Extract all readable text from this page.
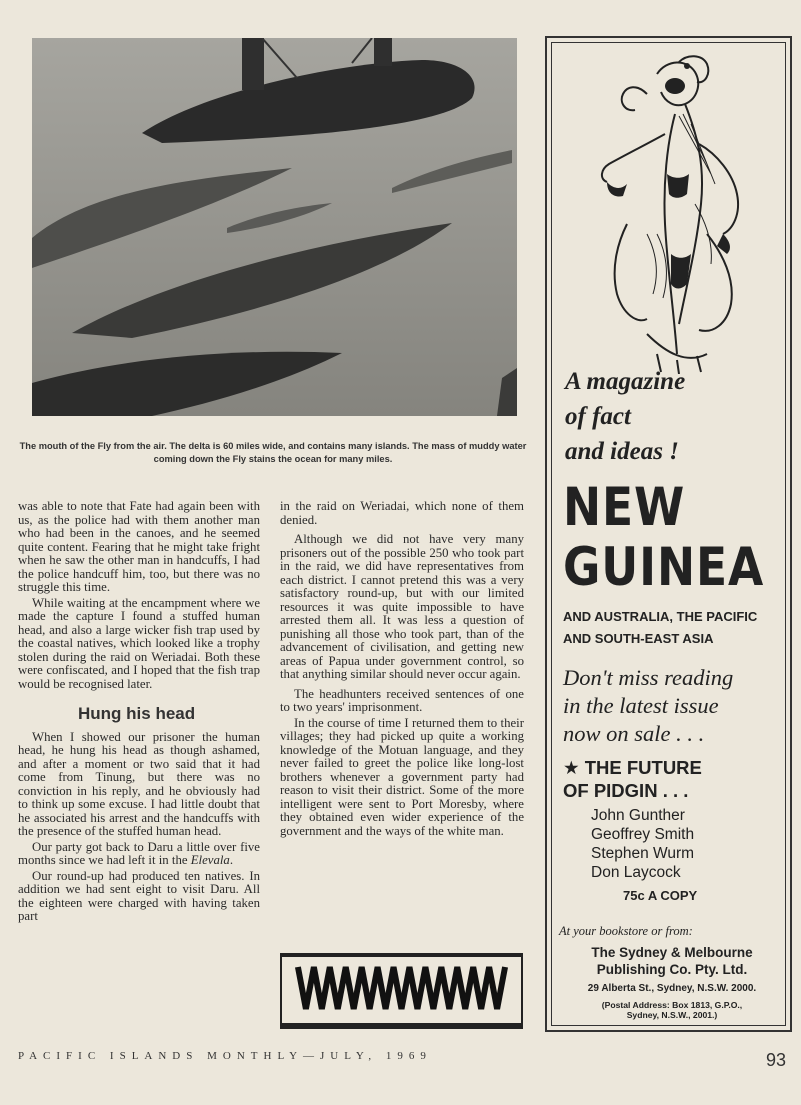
The mouth of the Fly from the air. The delta is 60 miles wide, and contains many islands. The mass of muddy water coming down the Fly stains the ocean for many miles.

was able to note that Fate had again been with us, as the police had with them another man who had been in the canoes, and he seemed quite content. Fearing that he might take fright when he saw the other man in handcuffs, I had the police handcuff him, too, but there was no struggle this time.

While waiting at the encampment where we made the capture I found a stuffed human head, and also a large wicker fish trap used by the coastal natives, which looked like a trophy stolen during the raid on Weriadai. Both these were confiscated, and I hoped that the fish trap would be recognised later.

Hung his head

When I showed our prisoner the human head, he hung his head as though ashamed, and after a moment or two said that it had come from Tinung, but there was no conviction in his reply, and he obviously had to think up some excuse. I had little doubt that he associated his arrest and the handcuffs with the presence of the stuffed human head.

Our party got back to Daru a little over five months since we had left it in the Elevala.

Our round-up had produced ten natives. In addition we had sent eight to visit Daru. All the eighteen were charged with having taken part

in the raid on Weriadai, which none of them denied.

Although we did not have very many prisoners out of the possible 250 who took part in the raid, we did have representatives from each district. I cannot pretend this was a very satisfactory round-up, but with our limited resources it was quite impossible to have arrested them all. It was less a question of punishing all those who took part, than of the advancement of civilisation, and getting new areas of Papua under government control, so that anything similar should never occur again.

The headhunters received sentences of one to two years' imprisonment.

In the course of time I returned them to their villages; they had picked up quite a working knowledge of the Motuan language, and they never failed to greet the police like long-lost brothers whenever a government party had reason to visit their district. Some of the more intelligent were sent to Port Moresby, where they obtained even wider experience of the government and the ways of the white man.

PACIFIC ISLANDS MONTHLY—JULY, 1969	93
A magazine
of fact
and ideas !
NEW
GUINEA
AND AUSTRALIA, THE PACIFIC
AND SOUTH-EAST ASIA
Don't miss reading
in the latest issue
now on sale . . .
★ THE FUTURE
OF PIDGIN . . .
John Gunther
Geoffrey Smith
Stephen Wurm
Don Laycock
75c A COPY
At your bookstore or from:
The Sydney & Melbourne
Publishing Co. Pty. Ltd.
29 Alberta St., Sydney, N.S.W. 2000.
(Postal Address: Box 1813, G.P.O.,
Sydney, N.S.W., 2001.)
